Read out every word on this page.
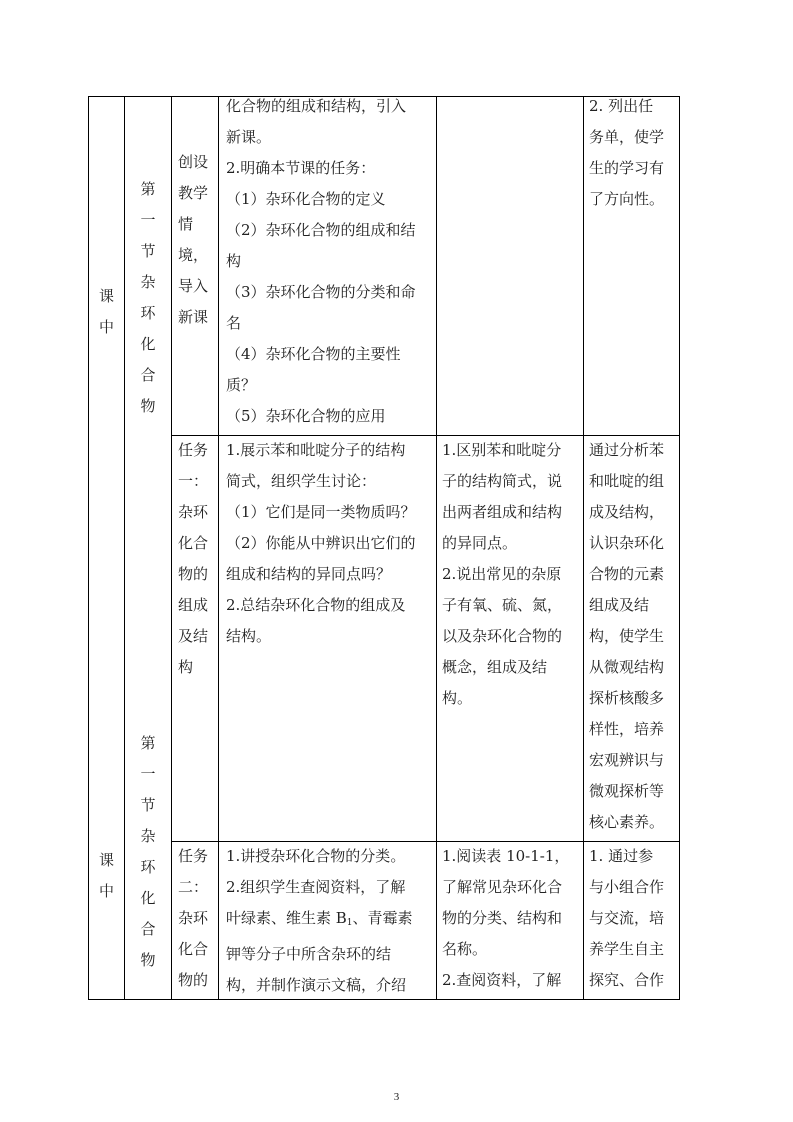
课中
第一节杂环化合物
创设
教学
情
境，
导入
新课
化合物的组成和结构，引入
新课。
2.明确本节课的任务：
（1）杂环化合物的定义
（2）杂环化合物的组成和结
构
（3）杂环化合物的分类和命
名
（4）杂环化合物的主要性
质？
（5）杂环化合物的应用
2. 列出任
务单，使学
生的学习有
了方向性。
任务
一：
杂环
化合
物的
组成
及结
构
1.展示苯和吡啶分子的结构
简式，组织学生讨论：
（1）它们是同一类物质吗？
（2）你能从中辨识出它们的
组成和结构的异同点吗？
2.总结杂环化合物的组成及
结构。
1.区别苯和吡啶分
子的结构简式，说
出两者组成和结构
的异同点。
2.说出常见的杂原
子有氧、硫、氮，
以及杂环化合物的
概念，组成及结
构。
通过分析苯
和吡啶的组
成及结构，
认识杂环化
合物的元素
组成及结
构，使学生
从微观结构
探析核酸多
样性，培养
宏观辨识与
微观探析等
核心素养。
课中
第一节杂环化合物
任务
二：
杂环
化合
物的
1.讲授杂环化合物的分类。
2.组织学生查阅资料，了解
叶绿素、维生素 $B_1$、青霉素
钾等分子中所含杂环的结
构，并制作演示文稿，介绍
1.阅读表 10-1-1，
了解常见杂环化合
物的分类、结构和
名称。
2.查阅资料，了解
1. 通过参
与小组合作
与交流，培
养学生自主
探究、合作
3
